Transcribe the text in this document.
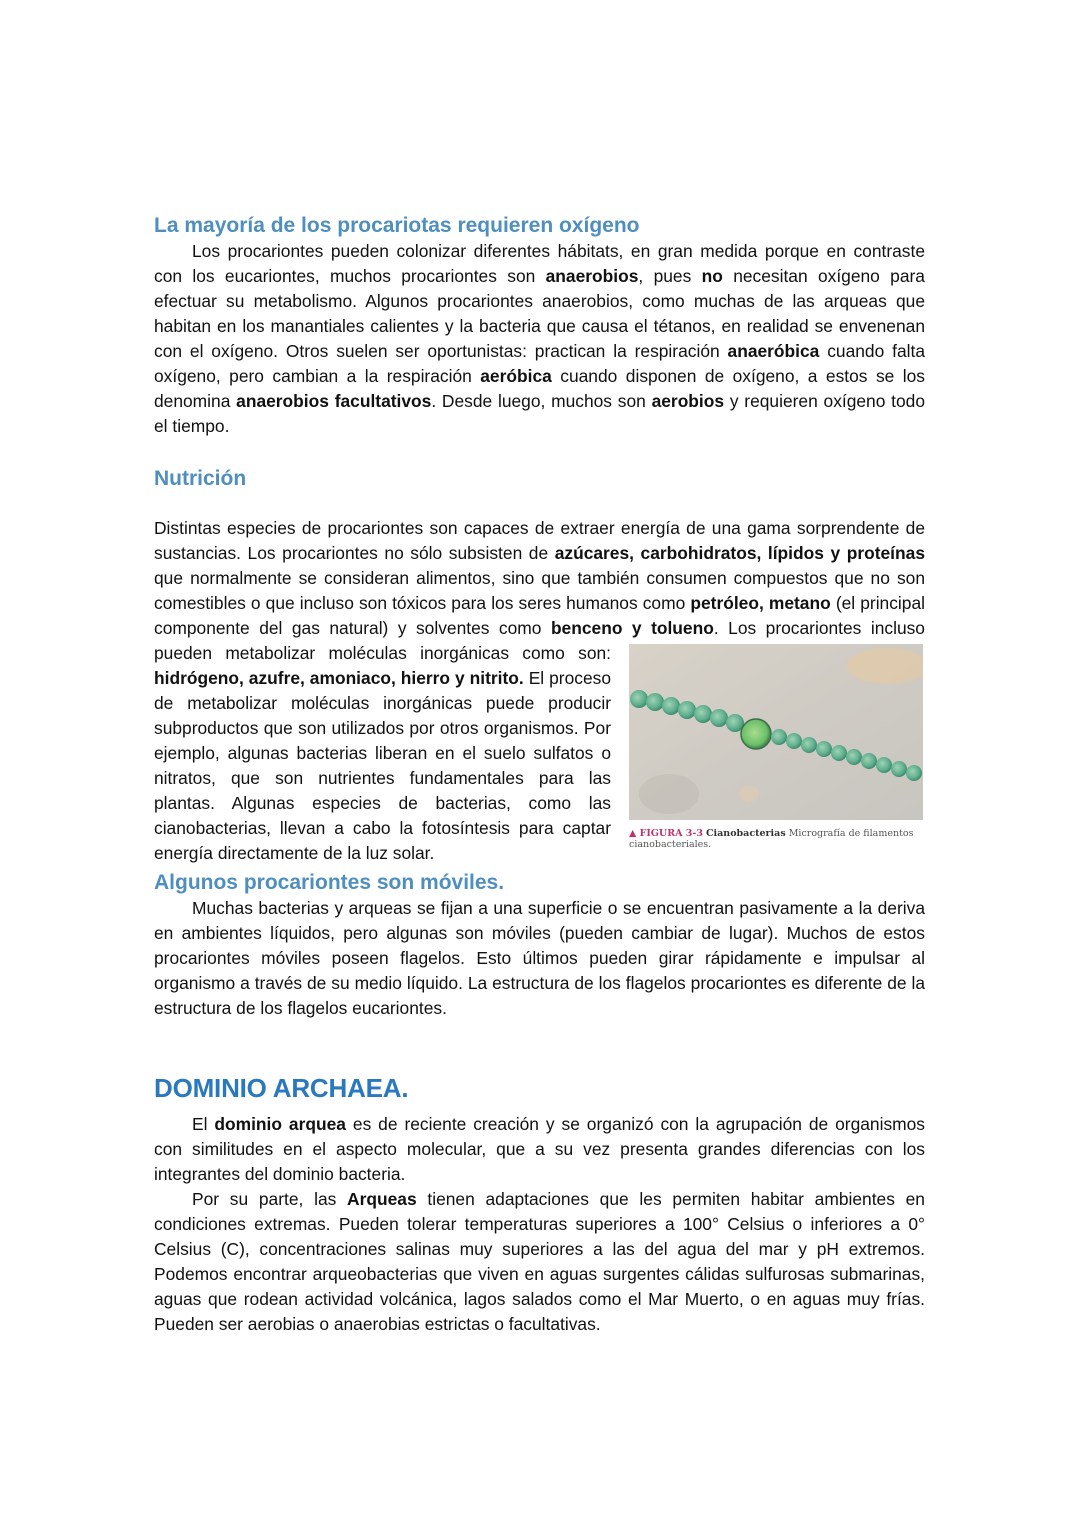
La mayoría de los procariotas requieren oxígeno

Los procariontes pueden colonizar diferentes hábitats, en gran medida porque en contraste con los eucariontes, muchos procariontes son anaerobios, pues no necesitan oxígeno para efectuar su metabolismo. Algunos procariontes anaerobios, como muchas de las arqueas que habitan en los manantiales calientes y la bacteria que causa el tétanos, en realidad se envenenan con el oxígeno. Otros suelen ser oportunistas: practican la respiración anaeróbica cuando falta oxígeno, pero cambian a la respiración aeróbica cuando disponen de oxígeno, a estos se los denomina anaerobios facultativos. Desde luego, muchos son aerobios y requieren oxígeno todo el tiempo.

Nutrición

Distintas especies de procariontes son capaces de extraer energía de una gama sorprendente de sustancias. Los procariontes no sólo subsisten de azúcares, carbohidratos, lípidos y proteínas que normalmente se consideran alimentos, sino que también consumen compuestos que no son comestibles o que incluso son tóxicos para los seres humanos como petróleo, metano (el principal componente del gas natural) y solventes como benceno y tolueno. Los procariontes incluso pueden metabolizar moléculas inorgánicas como son:
▲ FIGURA 3-3 Cianobacterias Micrografía de filamentos cianobacteriales.
hidrógeno, azufre, amoniaco, hierro y nitrito. El proceso de metabolizar moléculas inorgánicas puede producir subproductos que son utilizados por otros organismos. Por ejemplo, algunas bacterias liberan en el suelo sulfatos o nitratos, que son nutrientes fundamentales para las plantas. Algunas especies de bacterias, como las cianobacterias, llevan a cabo la fotosíntesis para captar energía directamente de la luz solar.

Algunos procariontes son móviles.

Muchas bacterias y arqueas se fijan a una superficie o se encuentran pasivamente a la deriva en ambientes líquidos, pero algunas son móviles (pueden cambiar de lugar). Muchos de estos procariontes móviles poseen flagelos. Esto últimos pueden girar rápidamente e impulsar al organismo a través de su medio líquido. La estructura de los flagelos procariontes es diferente de la estructura de los flagelos eucariontes.

DOMINIO ARCHAEA.

El dominio arquea es de reciente creación y se organizó con la agrupación de organismos con similitudes en el aspecto molecular, que a su vez presenta grandes diferencias con los integrantes del dominio bacteria.

Por su parte, las Arqueas tienen adaptaciones que les permiten habitar ambientes en condiciones extremas. Pueden tolerar temperaturas superiores a 100° Celsius o inferiores a 0° Celsius (C), concentraciones salinas muy superiores a las del agua del mar y pH extremos. Podemos encontrar arqueobacterias que viven en aguas surgentes cálidas sulfurosas submarinas, aguas que rodean actividad volcánica, lagos salados como el Mar Muerto, o en aguas muy frías. Pueden ser aerobias o anaerobias estrictas o facultativas.
